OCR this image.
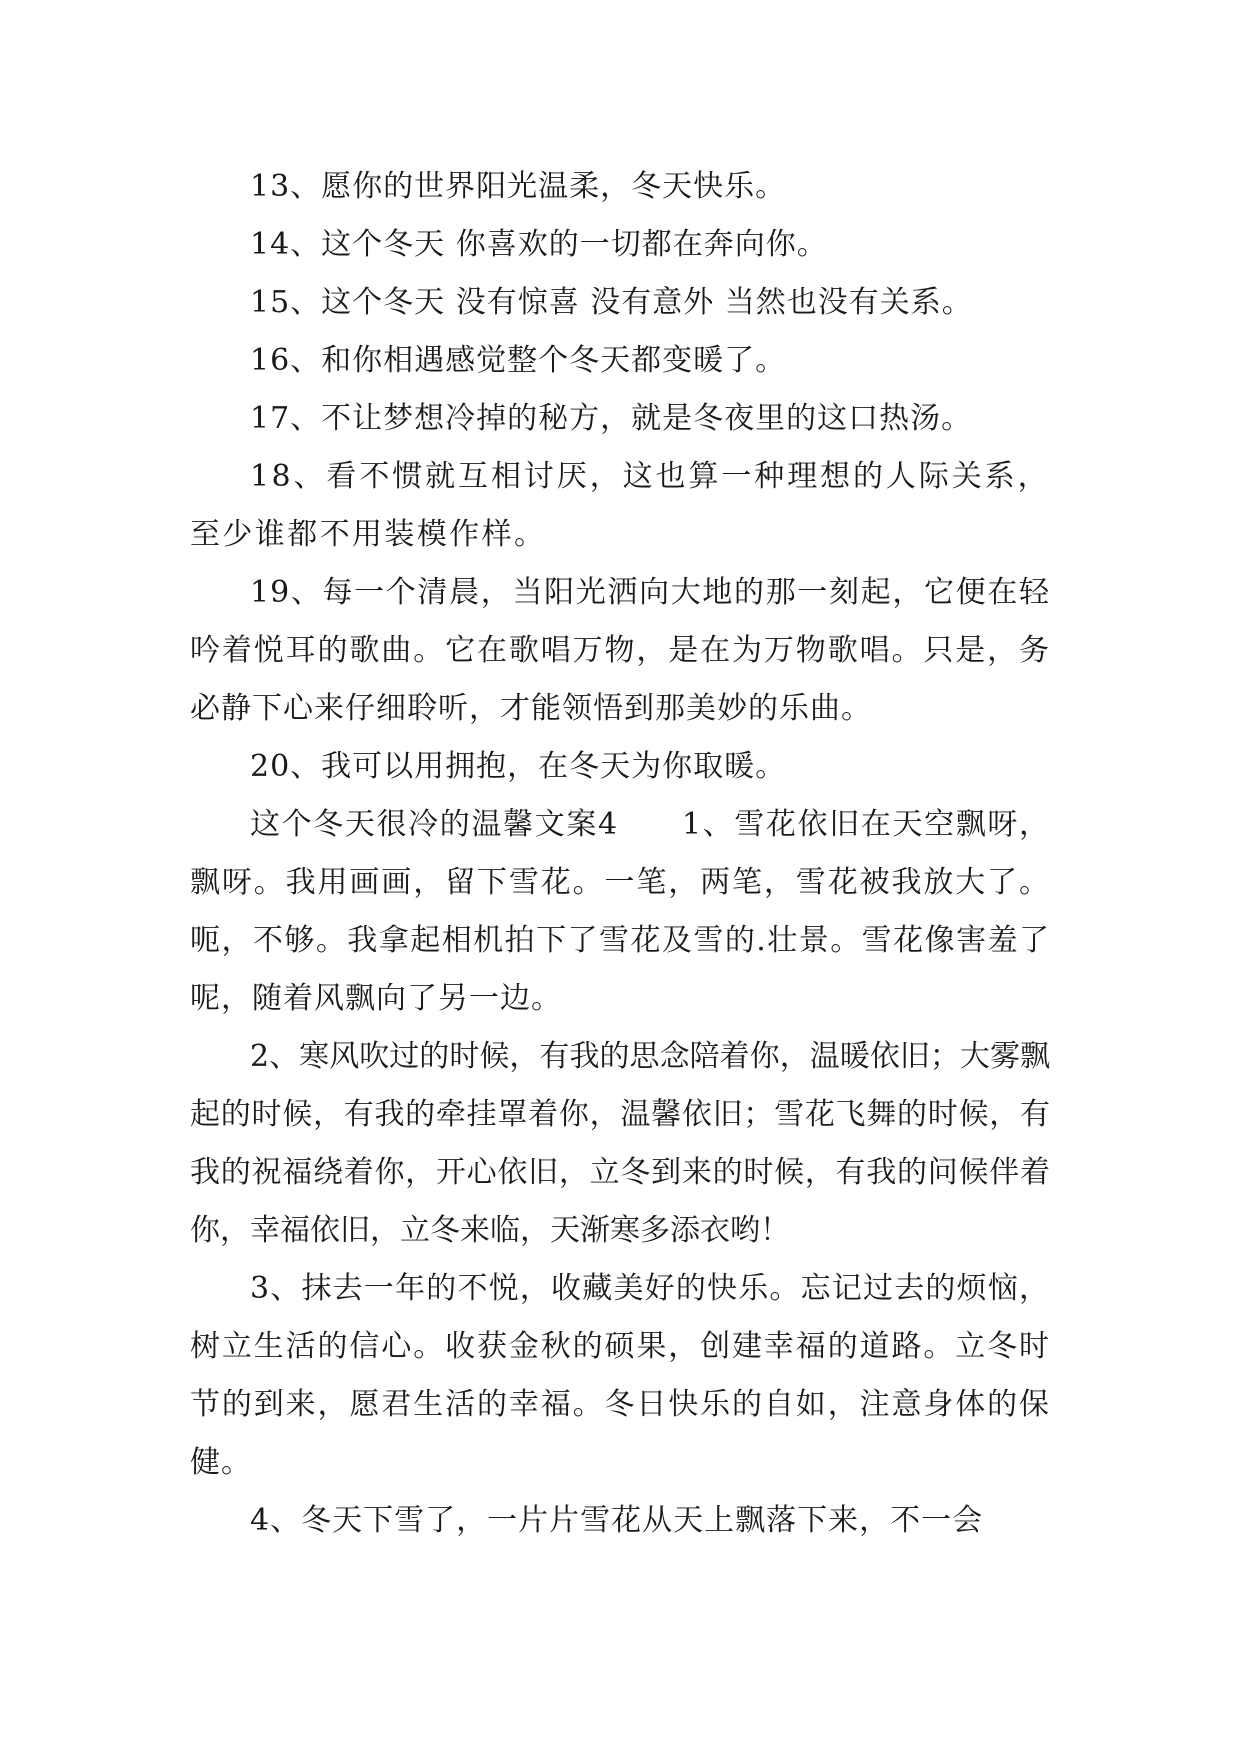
13、愿你的世界阳光温柔，冬天快乐。

14、这个冬天 你喜欢的一切都在奔向你。

15、这个冬天 没有惊喜 没有意外 当然也没有关系。

16、和你相遇感觉整个冬天都变暖了。

17、不让梦想冷掉的秘方，就是冬夜里的这口热汤。

18、看不惯就互相讨厌，这也算一种理想的人际关系，至少谁都不用装模作样。

19、每一个清晨，当阳光洒向大地的那一刻起，它便在轻吟着悦耳的歌曲。它在歌唱万物，是在为万物歌唱。只是，务必静下心来仔细聆听，才能领悟到那美妙的乐曲。

20、我可以用拥抱，在冬天为你取暖。

这个冬天很冷的温馨文案4　　1、雪花依旧在天空飘呀，飘呀。我用画画，留下雪花。一笔，两笔，雪花被我放大了。呃，不够。我拿起相机拍下了雪花及雪的.壮景。雪花像害羞了呢，随着风飘向了另一边。

2、寒风吹过的时候，有我的思念陪着你，温暖依旧；大雾飘起的时候，有我的牵挂罩着你，温馨依旧；雪花飞舞的时候，有我的祝福绕着你，开心依旧，立冬到来的时候，有我的问候伴着你，幸福依旧，立冬来临，天渐寒多添衣哟！

3、抹去一年的不悦，收藏美好的快乐。忘记过去的烦恼，树立生活的信心。收获金秋的硕果，创建幸福的道路。立冬时节的到来，愿君生活的幸福。冬日快乐的自如，注意身体的保健。

4、冬天下雪了，一片片雪花从天上飘落下来，不一会
